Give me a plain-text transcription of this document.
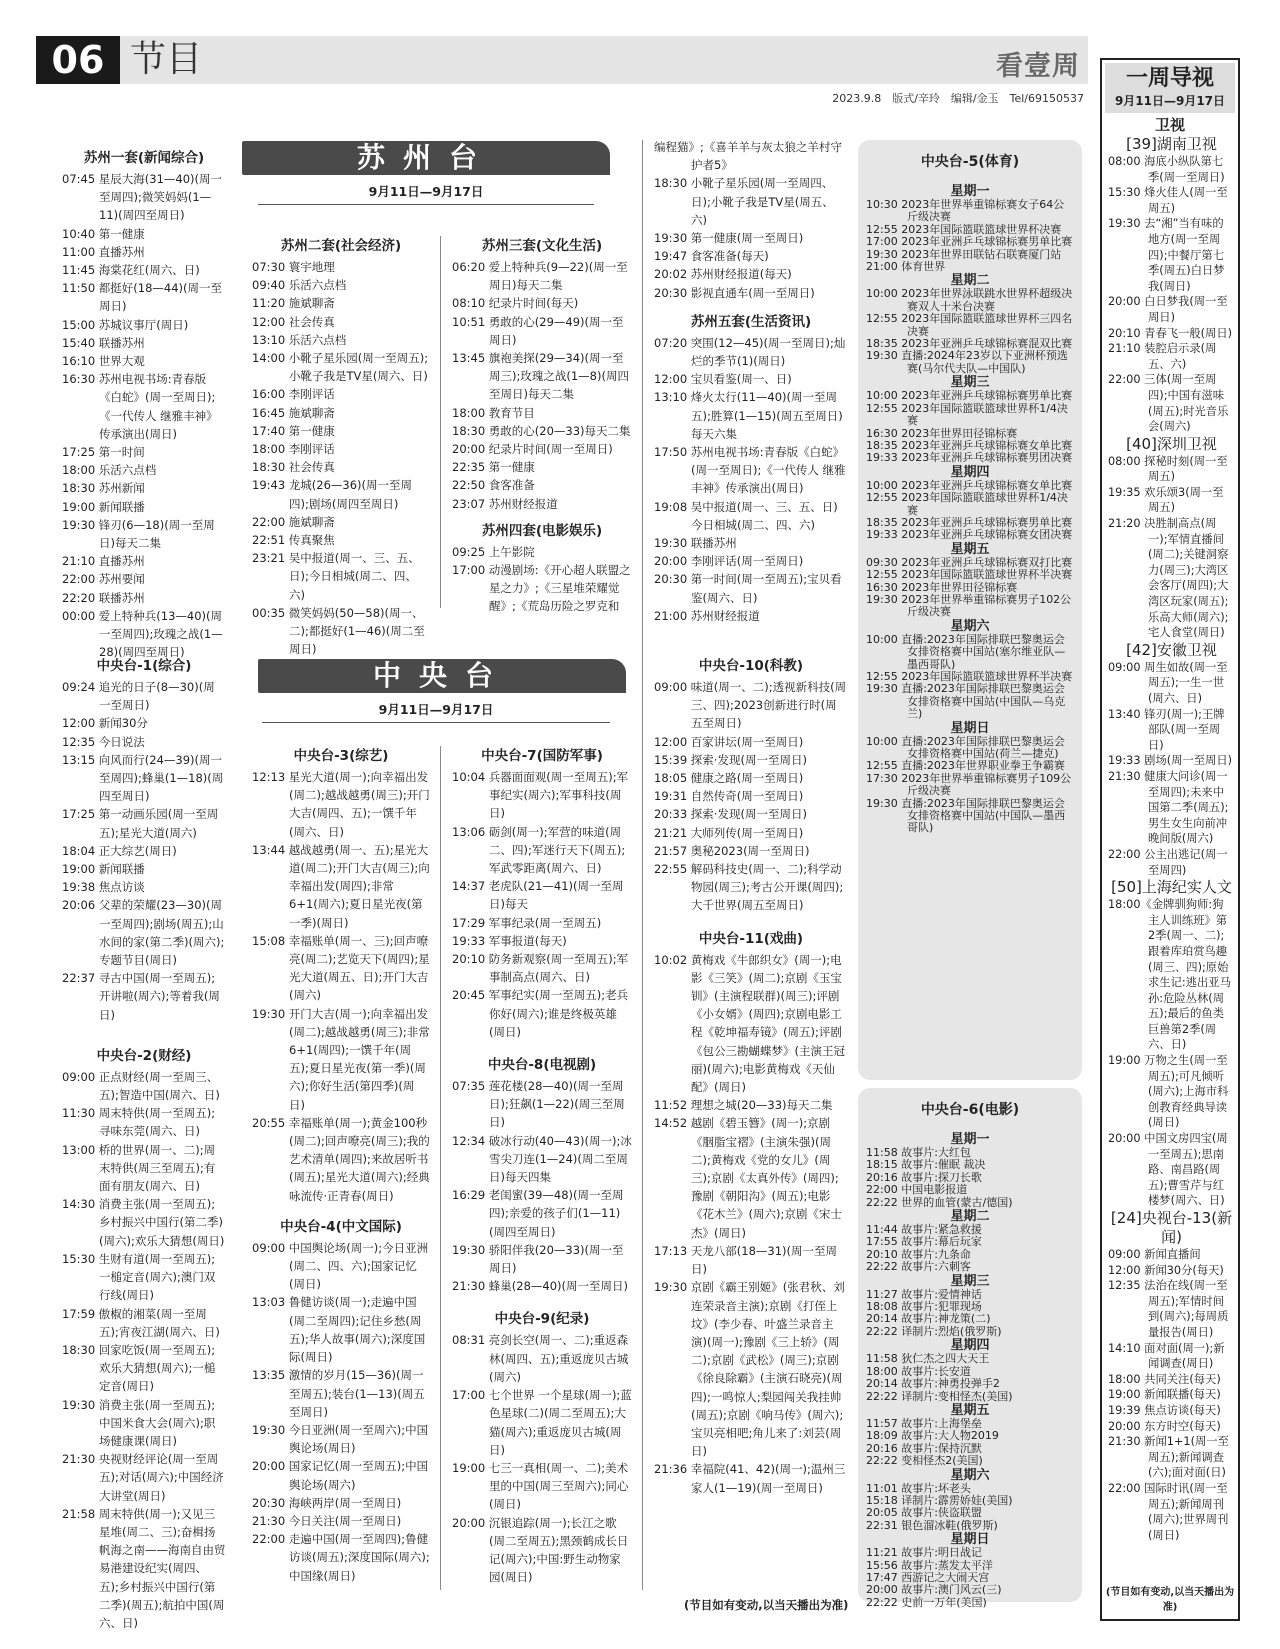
06 节目	看壹周
2023.9.8　版式/辛玲　编辑/金玉　Tel/69150537
苏州一套(新闻综合)
07:45 星辰大海(31—40)(周一至周四);微笑妈妈(1—11)(周四至周日)
10:40 第一健康
11:00 直播苏州
11:45 海棠花红(周六、日)
11:50 都挺好(18—44)(周一至周日)
15:00 苏城议事厅(周日)
15:40 联播苏州
16:10 世界大观
16:30 苏州电视书场:青春版《白蛇》(周一至周日);《一代传人 继雅丰神》传承演出(周日)
17:25 第一时间
18:00 乐活六点档
18:30 苏州新闻
19:00 新闻联播
19:30 锋刃(6—18)(周一至周日)每天二集
21:10 直播苏州
22:00 苏州要闻
22:20 联播苏州
00:00 爱上特种兵(13—40)(周一至周四);玫瑰之战(1—28)(周四至周日)
苏州台
9月11日—9月17日
苏州二套(社会经济)
07:30 寰宇地理
09:40 乐活六点档
11:20 施斌聊斋
12:00 社会传真
13:10 乐活六点档
14:00 小靴子星乐园(周一至周五);小靴子我是TV星(周六、日)
16:00 李刚评话
16:45 施斌聊斋
17:40 第一健康
18:00 李刚评话
18:30 社会传真
19:43 龙城(26—36)(周一至周四);剧场(周四至周日)
22:00 施斌聊斋
22:51 传真聚焦
23:21 吴中报道(周一、三、五、日);今日相城(周二、四、六)
00:35 微笑妈妈(50—58)(周一、二);都挺好(1—46)(周二至周日)
苏州三套(文化生活)
06:20 爱上特种兵(9—22)(周一至周日)每天二集
08:10 纪录片时间(每天)
10:51 勇敢的心(29—49)(周一至周日)
13:45 旗袍美探(29—34)(周一至周三);玫瑰之战(1—8)(周四至周日)每天二集
18:00 教育节目
18:30 勇敢的心(20—33)每天二集
20:00 纪录片时间(周一至周日)
22:35 第一健康
22:50 食客准备
23:07 苏州财经报道
苏州四套(电影娱乐)
09:25 上午影院
17:00 动漫剧场:《开心超人联盟之星之力》;《三星堆荣耀觉醒》;《荒岛历险之罗克和
编程猫》;《喜羊羊与灰太狼之羊村守护者5》
18:30 小靴子星乐园(周一至周四、日);小靴子我是TV星(周五、六)
19:30 第一健康(周一至周日)
19:47 食客准备(每天)
20:02 苏州财经报道(每天)
20:30 影视直通车(周一至周日)
苏州五套(生活资讯)
07:20 突围(12—45)(周一至周日);灿烂的季节(1)(周日)
12:00 宝贝看鉴(周一、日)
13:10 烽火太行(11—40)(周一至周五);胜算(1—15)(周五至周日)每天六集
17:50 苏州电视书场:青春版《白蛇》(周一至周日);《一代传人 继雅丰神》传承演出(周日)
19:08 吴中报道(周一、三、五、日)今日相城(周二、四、六)
19:30 联播苏州
20:00 李刚评话(周一至周日)
20:30 第一时间(周一至周五);宝贝看鉴(周六、日)
21:00 苏州财经报道
中央台-1(综合)
09:24 追光的日子(8—30)(周一至周日)
12:00 新闻30分
12:35 今日说法
13:15 向风而行(24—39)(周一至周四);蜂巢(1—18)(周四至周日)
17:25 第一动画乐园(周一至周五);星光大道(周六)
18:04 正大综艺(周日)
19:00 新闻联播
19:38 焦点访谈
20:06 父辈的荣耀(23—30)(周一至周四);剧场(周五);山水间的家(第二季)(周六);专题节目(周日)
22:37 寻古中国(周一至周五);开讲啦(周六);等着我(周日)
中央台-2(财经)
09:00 正点财经(周一至周三、五);智造中国(周六、日)
11:30 周末特供(周一至周五);寻味东莞(周六、日)
13:00 桥的世界(周一、二);周末特供(周三至周五);有面有朋友(周六、日)
14:30 消费主张(周一至周五);乡村振兴中国行(第二季)(周六);欢乐大猜想(周日)
15:30 生财有道(周一至周五);一槌定音(周六);澳门双行线(周日)
17:59 傲椒的湘菜(周一至周五);宵夜江湖(周六、日)
18:30 回家吃饭(周一至周五);欢乐大猜想(周六);一槌定音(周日)
19:30 消费主张(周一至周五);中国米食大会(周六);职场健康课(周日)
21:30 央视财经评论(周一至周五);对话(周六);中国经济大讲堂(周日)
21:58 周末特供(周一);又见三星堆(周二、三);奋楫扬帆海之南——海南自由贸易港建设纪实(周四、五);乡村振兴中国行(第二季)(周五);航拍中国(周六、日)
中央台
9月11日—9月17日
中央台-3(综艺)
12:13 星光大道(周一);向幸福出发(周二);越战越勇(周三);开门大吉(周四、五);一馔千年(周六、日)
13:44 越战越勇(周一、五);星光大道(周二);开门大吉(周三);向幸福出发(周四);非常6+1(周六);夏日星光夜(第一季)(周日)
15:08 幸福账单(周一、三);回声嘹亮(周二);艺览天下(周四);星光大道(周五、日);开门大吉(周六)
19:30 开门大吉(周一);向幸福出发(周二);越战越勇(周三);非常6+1(周四);一馔千年(周五);夏日星光夜(第一季)(周六);你好生活(第四季)(周日)
20:55 幸福账单(周一);黄金100秒(周二);回声嘹亮(周三);我的艺术清单(周四);来故居听书(周五);星光大道(周六);经典咏流传·正青春(周日)
中央台-4(中文国际)
09:00 中国舆论场(周一);今日亚洲(周二、四、六);国家记忆(周日)
13:03 鲁健访谈(周一);走遍中国(周二至周四);记住乡愁(周五);华人故事(周六);深度国际(周日)
13:35 激情的岁月(15—36)(周一至周五);装台(1—13)(周五至周日)
19:30 今日亚洲(周一至周六);中国舆论场(周日)
20:00 国家记忆(周一至周五);中国舆论场(周六)
20:30 海峡两岸(周一至周日)
21:30 今日关注(周一至周日)
22:00 走遍中国(周一至周四);鲁健访谈(周五);深度国际(周六);中国缘(周日)
中央台-7(国防军事)
10:04 兵器面面观(周一至周五);军事纪实(周六);军事科技(周日)
13:06 砺剑(周一);军营的味道(周二、四);军迷行天下(周五);军武零距离(周六、日)
14:37 老虎队(21—41)(周一至周日)每天
17:29 军事纪录(周一至周五)
19:33 军事报道(每天)
20:10 防务新观察(周一至周五);军事制高点(周六、日)
20:45 军事纪实(周一至周五);老兵你好(周六);谁是终极英雄(周日)
中央台-8(电视剧)
07:35 莲花楼(28—40)(周一至周日);狂飙(1—22)(周三至周日)
12:34 破冰行动(40—43)(周一);冰雪尖刀连(1—24)(周二至周日)每天四集
16:29 老闺蜜(39—48)(周一至周四);亲爱的孩子们(1—11)(周四至周日)
19:30 骄阳伴我(20—33)(周一至周日)
21:30 蜂巢(28—40)(周一至周日)
中央台-9(纪录)
08:31 亮剑长空(周一、二);重返森林(周四、五);重返庞贝古城(周六)
17:00 七个世界 一个星球(周一);蓝色星球(二)(周二至周五);大猫(周六);重返庞贝古城(周日)
19:00 七三一真相(周一、二);美术里的中国(周三至周六);同心(周日)
20:00 沉银追踪(周一);长江之歌(周二至周五);黑颈鹤成长日记(周六);中国:野生动物家园(周日)
中央台-10(科教)
09:00 味道(周一、二);透视新科技(周三、四);2023创新进行时(周五至周日)
12:00 百家讲坛(周一至周日)
15:39 探索·发现(周一至周日)
18:05 健康之路(周一至周日)
19:31 自然传奇(周一至周日)
20:33 探索·发现(周一至周日)
21:21 大师列传(周一至周日)
21:57 奥秘2023(周一至周日)
22:55 解码科技史(周一、二);科学动物园(周三);考古公开课(周四);大千世界(周五至周日)
中央台-11(戏曲)
10:02 黄梅戏《牛郎织女》(周一);电影《三笑》(周二);京剧《玉宝钏》(主演程联群)(周三);评剧《小女婿》(周四);京剧电影工程《乾坤福寿镜》(周五);评剧《包公三勘蝴蝶梦》(主演王冠丽)(周六);电影黄梅戏《天仙配》(周日)
11:52 理想之城(20—33)每天二集
14:52 越剧《碧玉簪》(周一);京剧《胭脂宝褶》(主演朱强)(周二);黄梅戏《党的女儿》(周三);京剧《太真外传》(周四);豫剧《朝阳沟》(周五);电影《花木兰》(周六);京剧《宋士杰》(周日)
17:13 天龙八部(18—31)(周一至周日)
19:30 京剧《霸王别姬》(张君秋、刘连荣录音主演);京剧《打侄上坟》(李少春、叶盛兰录音主演)(周一);豫剧《三上轿》(周二);京剧《武松》(周三);京剧《徐良除霸》(主演石晓亮)(周四);一鸣惊人;梨园闯关我挂帅(周五);京剧《响马传》(周六);宝贝亮相吧;角儿来了:刘芸(周日)
21:36 幸福院(41、42)(周一);温州三家人(1—19)(周一至周日)
(节目如有变动,以当天播出为准)
中央台-5(体育)
星期一
10:30 2023年世界举重锦标赛女子64公斤级决赛
12:55 2023年国际篮联篮球世界杯决赛
17:00 2023年亚洲乒乓球锦标赛男单比赛
19:30 2023年世界田联钻石联赛厦门站
21:00 体育世界
星期二
10:00 2023年世界泳联跳水世界杯超级决赛双人十米台决赛
12:55 2023年国际篮联篮球世界杯三四名决赛
18:35 2023年亚洲乒乓球锦标赛混双比赛
19:30 直播:2024年23岁以下亚洲杯预选赛(马尔代夫队—中国队)
星期三
10:00 2023年亚洲乒乓球锦标赛男单比赛
12:55 2023年国际篮联篮球世界杯1/4决赛
16:30 2023年世界田径锦标赛
18:35 2023年亚洲乒乓球锦标赛女单比赛
19:33 2023年亚洲乒乓球锦标赛男团决赛
星期四
10:00 2023年亚洲乒乓球锦标赛女单比赛
12:55 2023年国际篮联篮球世界杯1/4决赛
18:35 2023年亚洲乒乓球锦标赛男单比赛
19:33 2023年亚洲乒乓球锦标赛女团决赛
星期五
09:30 2023年亚洲乒乓球锦标赛双打比赛
12:55 2023年国际篮联篮球世界杯半决赛
16:30 2023年世界田径锦标赛
19:30 2023年世界举重锦标赛男子102公斤级决赛
星期六
10:00 直播:2023年国际排联巴黎奥运会女排资格赛中国站(塞尔维亚队—墨西哥队)
12:55 2023年国际篮联篮球世界杯半决赛
19:30 直播:2023年国际排联巴黎奥运会女排资格赛中国站(中国队—乌克兰)
星期日
10:00 直播:2023年国际排联巴黎奥运会女排资格赛中国站(荷兰—捷克)
12:55 直播:2023年世界职业拳王争霸赛
17:30 2023年世界举重锦标赛男子109公斤级决赛
19:30 直播:2023年国际排联巴黎奥运会女排资格赛中国站(中国队—墨西哥队)
中央台-6(电影)
星期一
11:58 故事片:大红包
18:15 故事片:催眠 裁决
20:16 故事片:探刀长歌
22:00 中国电影报道
22:22 世界的血管(蒙古/德国)
星期二
11:44 故事片:紧急救援
17:55 故事片:幕后玩家
20:10 故事片:九条命
22:22 故事片:六刺客
星期三
11:27 故事片:爱情神话
18:08 故事片:犯罪现场
20:14 故事片:神龙策(二)
22:22 译制片:烈焰(俄罗斯)
星期四
11:58 狄仁杰之四大天王
18:00 故事片:长安道
20:14 故事片:神勇投弹手2
22:22 译制片:变相怪杰(美国)
星期五
11:57 故事片:上海堡垒
18:09 故事片:大人物2019
20:16 故事片:保持沉默
22:22 变相怪杰2(美国)
星期六
11:01 故事片:坏老头
15:18 译制片:霹雳娇娃(美国)
20:05 故事片:侠盗联盟
22:31 银色溜冰鞋(俄罗斯)
星期日
11:21 故事片:明日战记
15:56 故事片:蒸发太平洋
17:47 西游记之大闹天宫
20:00 故事片:澳门风云(三)
22:22 史前一万年(美国)
一周导视
9月11日—9月17日
卫视
[39]湖南卫视
08:00 海底小纵队第七季(周一至周日)
15:30 烽火佳人(周一至周五)
19:30 去“湘”当有味的地方(周一至周四);中餐厅第七季(周五)白日梦我(周日)
20:00 白日梦我(周一至周日)
20:10 青春飞一般(周日)
21:10 装腔启示录(周五、六)
22:00 三体(周一至周四);中国有滋味(周五);时光音乐会(周六)
[40]深圳卫视
08:00 探秘时刻(周一至周五)
19:35 欢乐颂3(周一至周五)
21:20 决胜制高点(周一);军情直播间(周二);关键洞察力(周三);大湾区会客厅(周四);大湾区玩家(周五);乐高大师(周六);宅人食堂(周日)
[42]安徽卫视
09:00 周生如故(周一至周五);一生一世(周六、日)
13:40 锋刃(周一);王牌部队(周一至周日)
19:33 剧场(周一至周日)
21:30 健康大问诊(周一至周四);未来中国第二季(周五);男生女生向前冲晚间版(周六)
22:00 公主出逃记(周一至周四)
[50]上海纪实人文
18:00《金牌驯狗师:狗主人训练班》第2季(周一、二);跟着库珀赏鸟趣(周三、四);原始求生记:逃出亚马孙:危险丛林(周五);最后的鱼类巨兽第2季(周六、日)
19:00 万物之生(周一至周五);可凡倾听(周六);上海市科创教育经典导读(周日)
20:00 中国文房四宝(周一至周五);思南路、南昌路(周五);曹雪芹与红楼梦(周六、日)
[24]央视台-13(新闻)
09:00 新闻直播间
12:00 新闻30分(每天)
12:35 法治在线(周一至周五);军情时间到(周六);每周质量报告(周日)
14:10 面对面(周一);新闻调查(周日)
18:00 共同关注(每天)
19:00 新闻联播(每天)
19:39 焦点访谈(每天)
20:00 东方时空(每天)
21:30 新闻1+1(周一至周五);新闻调查(六);面对面(日)
22:00 国际时讯(周一至周五);新闻周刊(周六);世界周刊(周日)
(节目如有变动,以当天播出为准)
